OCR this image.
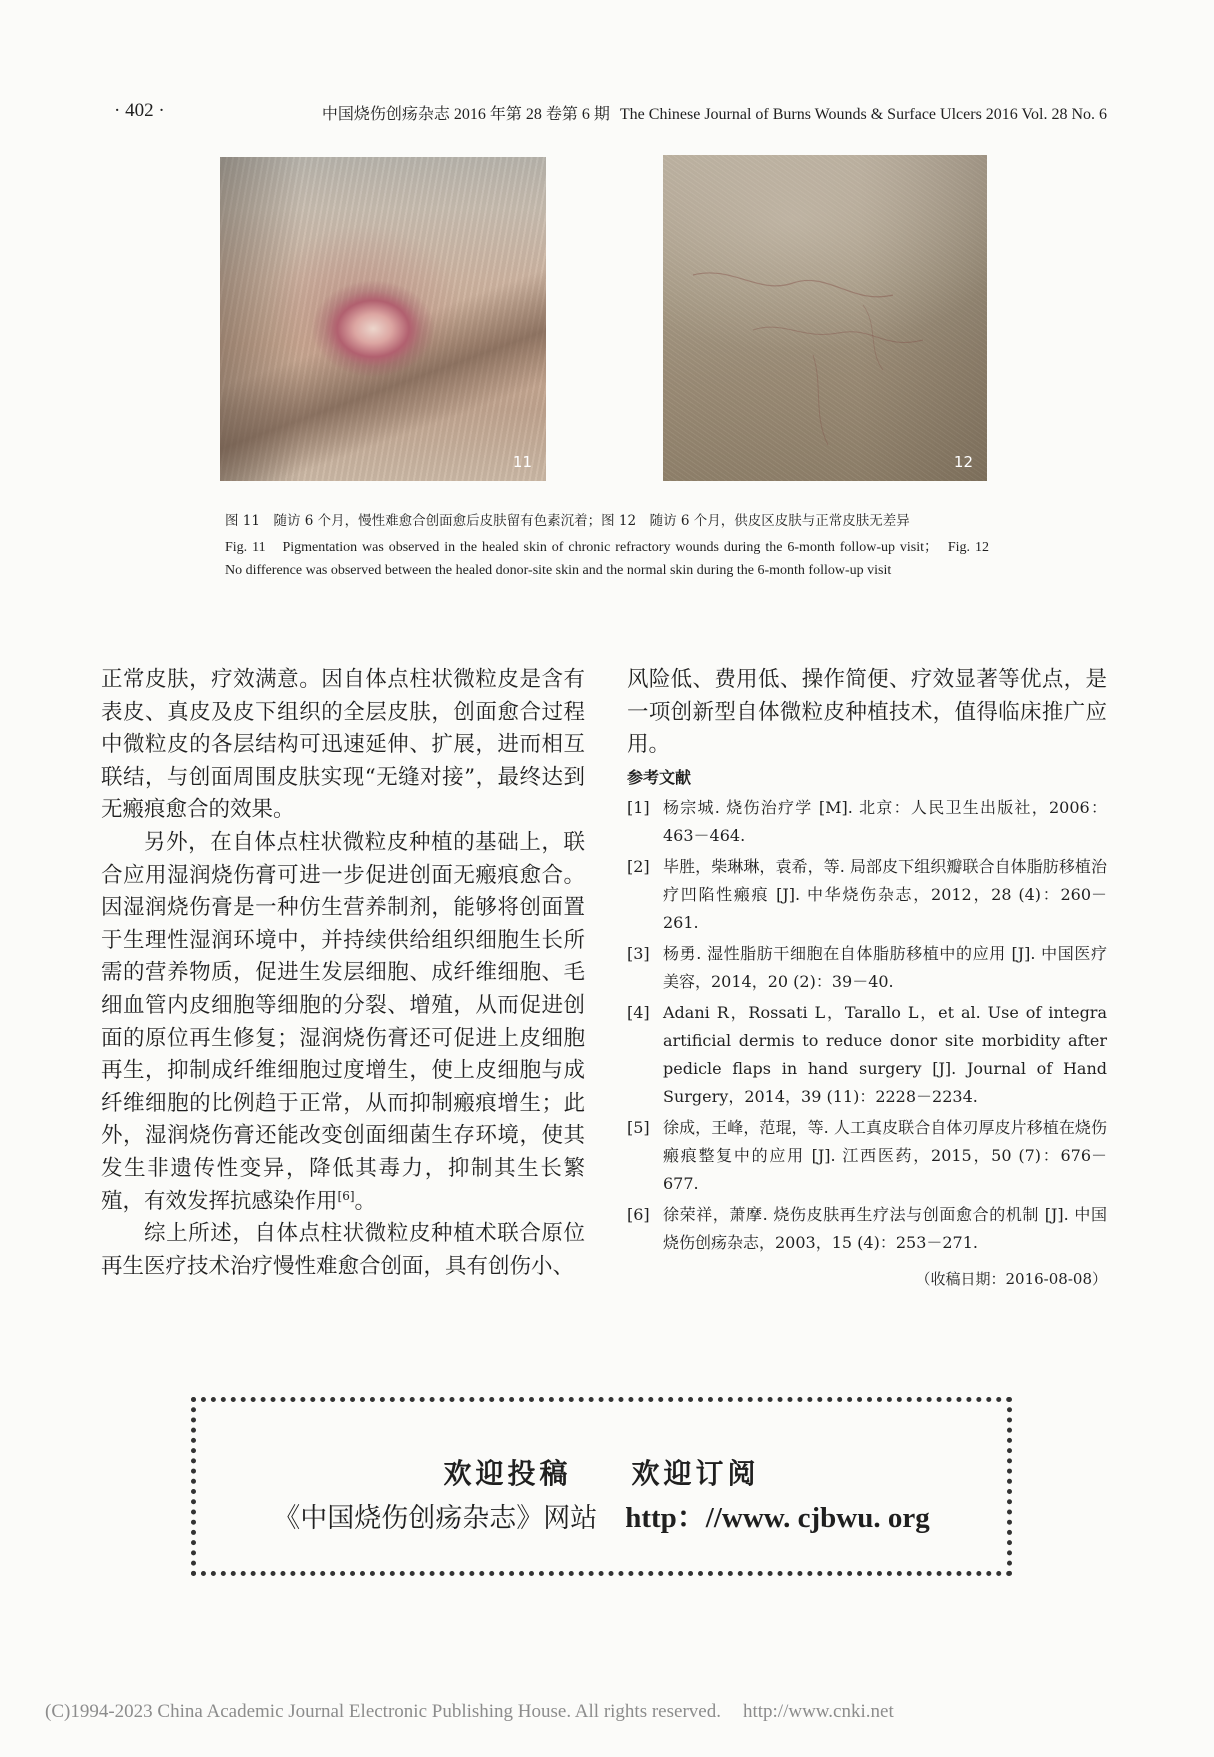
· 402 ·	中国烧伤创疡杂志 2016 年第 28 卷第 6 期 The Chinese Journal of Burns Wounds & Surface Ulcers 2016 Vol. 28 No. 6
11	12

图 11　随访 6 个月，慢性难愈合创面愈后皮肤留有色素沉着；图 12　随访 6 个月，供皮区皮肤与正常皮肤无差异

Fig. 11　Pigmentation was observed in the healed skin of chronic refractory wounds during the 6-month follow-up visit；　Fig. 12　No difference was observed between the healed donor-site skin and the normal skin during the 6-month follow-up visit

正常皮肤，疗效满意。因自体点柱状微粒皮是含有表皮、真皮及皮下组织的全层皮肤，创面愈合过程中微粒皮的各层结构可迅速延伸、扩展，进而相互联结，与创面周围皮肤实现“无缝对接”，最终达到无瘢痕愈合的效果。

另外，在自体点柱状微粒皮种植的基础上，联合应用湿润烧伤膏可进一步促进创面无瘢痕愈合。因湿润烧伤膏是一种仿生营养制剂，能够将创面置于生理性湿润环境中，并持续供给组织细胞生长所需的营养物质，促进生发层细胞、成纤维细胞、毛细血管内皮细胞等细胞的分裂、增殖，从而促进创面的原位再生修复；湿润烧伤膏还可促进上皮细胞再生，抑制成纤维细胞过度增生，使上皮细胞与成纤维细胞的比例趋于正常，从而抑制瘢痕增生；此外，湿润烧伤膏还能改变创面细菌生存环境，使其发生非遗传性变异，降低其毒力，抑制其生长繁殖，有效发挥抗感染作用[6]。

综上所述，自体点柱状微粒皮种植术联合原位再生医疗技术治疗慢性难愈合创面，具有创伤小、

风险低、费用低、操作简便、疗效显著等优点，是一项创新型自体微粒皮种植技术，值得临床推广应用。

参考文献

[1] 杨宗城. 烧伤治疗学 [M]. 北京：人民卫生出版社，2006：463－464.
[2] 毕胜，柴琳琳，袁希，等. 局部皮下组织瓣联合自体脂肪移植治疗凹陷性瘢痕 [J]. 中华烧伤杂志，2012，28 (4)：260－261.
[3] 杨勇. 湿性脂肪干细胞在自体脂肪移植中的应用 [J]. 中国医疗美容，2014，20 (2)：39－40.
[4] Adani R，Rossati L，Tarallo L，et al. Use of integra artificial dermis to reduce donor site morbidity after pedicle flaps in hand surgery [J]. Journal of Hand Surgery，2014，39 (11)：2228－2234.
[5] 徐成，王峰，范琨，等. 人工真皮联合自体刃厚皮片移植在烧伤瘢痕整复中的应用 [J]. 江西医药，2015，50 (7)：676－677.
[6] 徐荣祥，萧摩. 烧伤皮肤再生疗法与创面愈合的机制 [J]. 中国烧伤创疡杂志，2003，15 (4)：253－271.
（收稿日期：2016-08-08）
欢迎投稿 欢迎订阅
《中国烧伤创疡杂志》网站 http：//www. cjbwu. org
(C)1994-2023 China Academic Journal Electronic Publishing House. All rights reserved. http://www.cnki.net
